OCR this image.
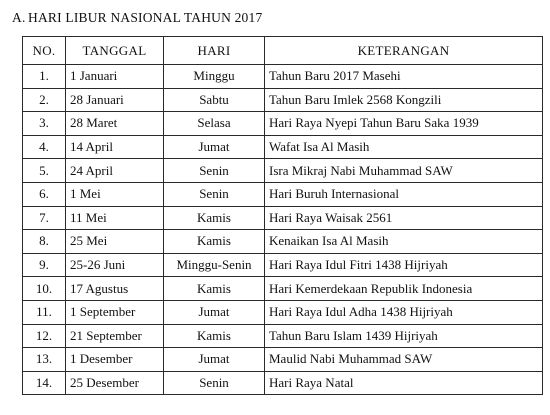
A. HARI LIBUR NASIONAL TAHUN 2017
NO.	TANGGAL	HARI	KETERANGAN
1.	1 Januari	Minggu	Tahun Baru 2017 Masehi
2.	28 Januari	Sabtu	Tahun Baru Imlek 2568 Kongzili
3.	28 Maret	Selasa	Hari Raya Nyepi Tahun Baru Saka 1939
4.	14 April	Jumat	Wafat Isa Al Masih
5.	24 April	Senin	Isra Mikraj Nabi Muhammad SAW
6.	1 Mei	Senin	Hari Buruh Internasional
7.	11 Mei	Kamis	Hari Raya Waisak 2561
8.	25 Mei	Kamis	Kenaikan Isa Al Masih
9.	25-26 Juni	Minggu-Senin	Hari Raya Idul Fitri 1438 Hijriyah
10.	17 Agustus	Kamis	Hari Kemerdekaan Republik Indonesia
11.	1 September	Jumat	Hari Raya Idul Adha 1438 Hijriyah
12.	21 September	Kamis	Tahun Baru Islam 1439 Hijriyah
13.	1 Desember	Jumat	Maulid Nabi Muhammad SAW
14.	25 Desember	Senin	Hari Raya Natal
